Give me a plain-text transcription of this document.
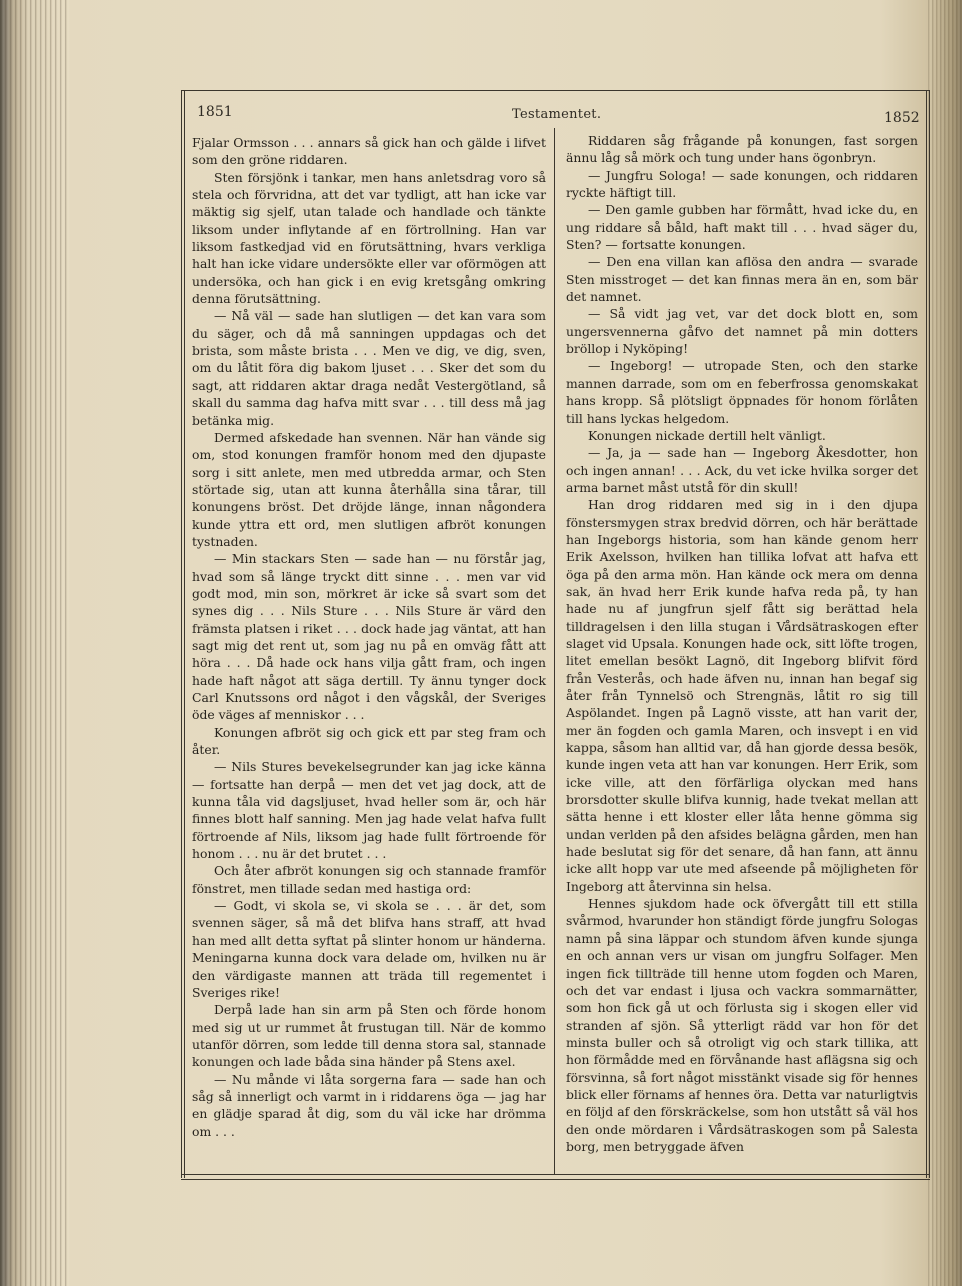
1851	Testamentet.	1852

Fjalar Ormsson . . . annars så gick han och gälde i lifvet som den gröne riddaren.

Sten försjönk i tankar, men hans anletsdrag voro så stela och förvridna, att det var tydligt, att han icke var mäktig sig sjelf, utan talade och handlade och tänkte liksom under inflytande af en förtrollning. Han var liksom fastkedjad vid en förutsättning, hvars verkliga halt han icke vidare undersökte eller var oförmögen att undersöka, och han gick i en evig kretsgång omkring denna förutsättning.

— Nå väl — sade han slutligen — det kan vara som du säger, och då må sanningen uppdagas och det brista, som måste brista . . . Men ve dig, ve dig, sven, om du låtit föra dig bakom ljuset . . . Sker det som du sagt, att riddaren aktar draga nedåt Vestergötland, så skall du samma dag hafva mitt svar . . . till dess må jag betänka mig.

Dermed afskedade han svennen. När han vände sig om, stod konungen framför honom med den djupaste sorg i sitt anlete, men med utbredda armar, och Sten störtade sig, utan att kunna återhålla sina tårar, till konungens bröst. Det dröjde länge, innan någondera kunde yttra ett ord, men slutligen afbröt konungen tystnaden.

— Min stackars Sten — sade han — nu förstår jag, hvad som så länge tryckt ditt sinne . . . men var vid godt mod, min son, mörkret är icke så svart som det synes dig . . . Nils Sture . . . Nils Sture är värd den främsta platsen i riket . . . dock hade jag väntat, att han sagt mig det rent ut, som jag nu på en omväg fått att höra . . . Då hade ock hans vilja gått fram, och ingen hade haft något att säga dertill. Ty ännu tynger dock Carl Knutssons ord något i den vågskål, der Sveriges öde väges af menniskor . . .

Konungen afbröt sig och gick ett par steg fram och åter.

— Nils Stures bevekelsegrunder kan jag icke känna — fortsatte han derpå — men det vet jag dock, att de kunna tåla vid dagsljuset, hvad heller som är, och här finnes blott half sanning. Men jag hade velat hafva fullt förtroende af Nils, liksom jag hade fullt förtroende för honom . . . nu är det brutet . . .

Och åter afbröt konungen sig och stannade framför fönstret, men tillade sedan med hastiga ord:

— Godt, vi skola se, vi skola se . . . är det, som svennen säger, så må det blifva hans straff, att hvad han med allt detta syftat på slinter honom ur händerna. Meningarna kunna dock vara delade om, hvilken nu är den värdigaste mannen att träda till regementet i Sveriges rike!

Derpå lade han sin arm på Sten och förde honom med sig ut ur rummet åt frustugan till. När de kommo utanför dörren, som ledde till denna stora sal, stannade konungen och lade båda sina händer på Stens axel.

— Nu månde vi låta sorgerna fara — sade han och såg så innerligt och varmt in i riddarens öga — jag har en glädje sparad åt dig, som du väl icke har drömma om . . .

Riddaren såg frågande på konungen, fast sorgen ännu låg så mörk och tung under hans ögonbryn.

— Jungfru Sologa! — sade konungen, och riddaren ryckte häftigt till.

— Den gamle gubben har förmått, hvad icke du, en ung riddare så båld, haft makt till . . . hvad säger du, Sten? — fortsatte konungen.

— Den ena villan kan aflösa den andra — svarade Sten misstroget — det kan finnas mera än en, som bär det namnet.

— Så vidt jag vet, var det dock blott en, som ungersvennerna gåfvo det namnet på min dotters bröllop i Nyköping!

— Ingeborg! — utropade Sten, och den starke mannen darrade, som om en feberfrossa genomskakat hans kropp. Så plötsligt öppnades för honom förlåten till hans lyckas helgedom.

Konungen nickade dertill helt vänligt.

— Ja, ja — sade han — Ingeborg Åkesdotter, hon och ingen annan! . . . Ack, du vet icke hvilka sorger det arma barnet måst utstå för din skull!

Han drog riddaren med sig in i den djupa fönstersmygen strax bredvid dörren, och här berättade han Ingeborgs historia, som han kände genom herr Erik Axelsson, hvilken han tillika lofvat att hafva ett öga på den arma mön. Han kände ock mera om denna sak, än hvad herr Erik kunde hafva reda på, ty han hade nu af jungfrun sjelf fått sig berättad hela tilldragelsen i den lilla stugan i Vårdsätraskogen efter slaget vid Upsala. Konungen hade ock, sitt löfte trogen, litet emellan besökt Lagnö, dit Ingeborg blifvit förd från Vesterås, och hade äfven nu, innan han begaf sig åter från Tynnelsö och Strengnäs, låtit ro sig till Aspölandet. Ingen på Lagnö visste, att han varit der, mer än fogden och gamla Maren, och insvept i en vid kappa, såsom han alltid var, då han gjorde dessa besök, kunde ingen veta att han var konungen. Herr Erik, som icke ville, att den förfärliga olyckan med hans brorsdotter skulle blifva kunnig, hade tvekat mellan att sätta henne i ett kloster eller låta henne gömma sig undan verlden på den afsides belägna gården, men han hade beslutat sig för det senare, då han fann, att ännu icke allt hopp var ute med afseende på möjligheten för Ingeborg att återvinna sin helsa.

Hennes sjukdom hade ock öfvergått till ett stilla svårmod, hvarunder hon ständigt förde jungfru Sologas namn på sina läppar och stundom äfven kunde sjunga en och annan vers ur visan om jungfru Solfager. Men ingen fick tillträde till henne utom fogden och Maren, och det var endast i ljusa och vackra sommarnätter, som hon fick gå ut och förlusta sig i skogen eller vid stranden af sjön. Så ytterligt rädd var hon för det minsta buller och så otroligt vig och stark tillika, att hon förmådde med en förvånande hast aflägsna sig och försvinna, så fort något misstänkt visade sig för hennes blick eller förnams af hennes öra. Detta var naturligtvis en följd af den förskräckelse, som hon utstått så väl hos den onde mördaren i Vårdsätraskogen som på Salesta borg, men betryggade äfven
